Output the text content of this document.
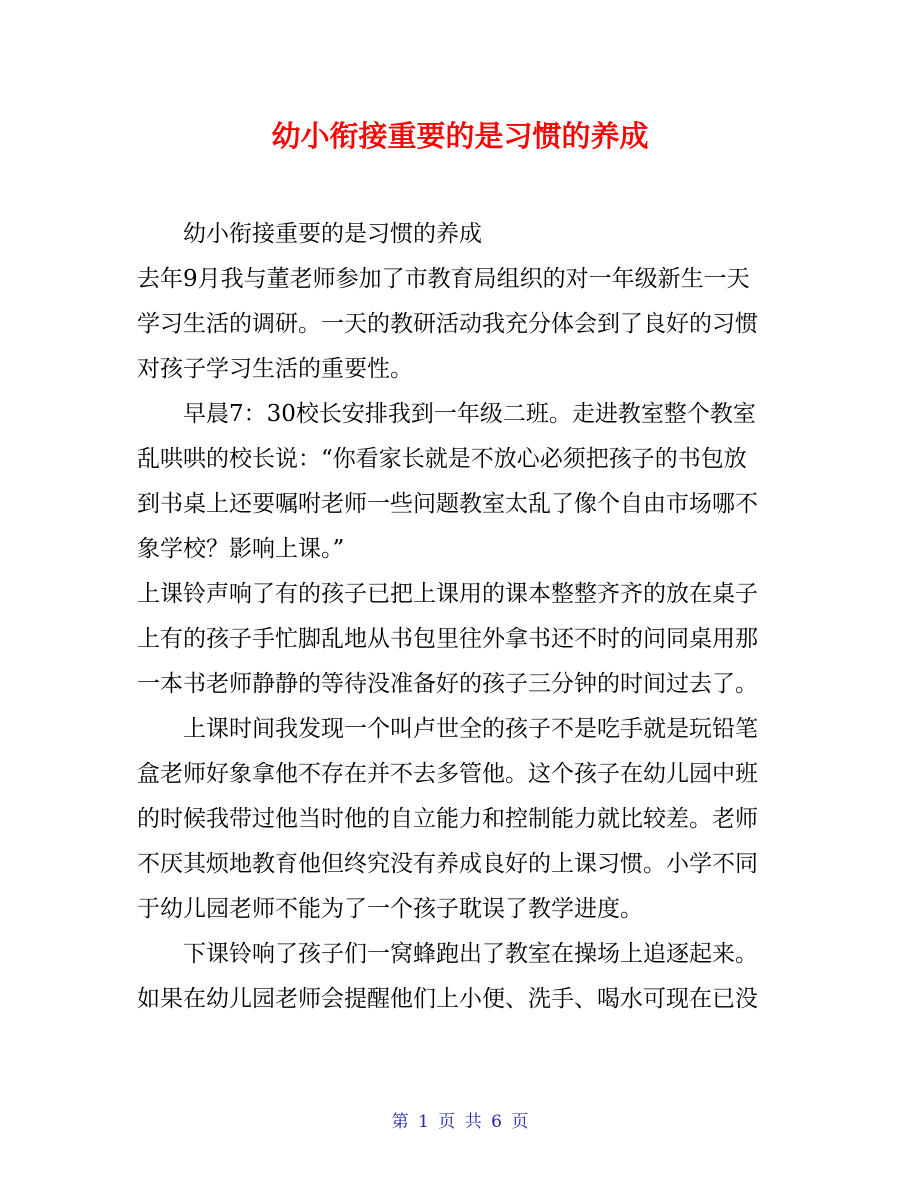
幼小衔接重要的是习惯的养成
幼小衔接重要的是习惯的养成
去年9月我与董老师参加了市教育局组织的对一年级新生一天
学习生活的调研。一天的教研活动我充分体会到了良好的习惯
对孩子学习生活的重要性。
早晨7：30校长安排我到一年级二班。走进教室整个教室
乱哄哄的校长说：“你看家长就是不放心必须把孩子的书包放
到书桌上还要嘱咐老师一些问题教室太乱了像个自由市场哪不
象学校？影响上课。”
上课铃声响了有的孩子已把上课用的课本整整齐齐的放在桌子
上有的孩子手忙脚乱地从书包里往外拿书还不时的问同桌用那
一本书老师静静的等待没准备好的孩子三分钟的时间过去了。
上课时间我发现一个叫卢世全的孩子不是吃手就是玩铅笔
盒老师好象拿他不存在并不去多管他。这个孩子在幼儿园中班
的时候我带过他当时他的自立能力和控制能力就比较差。老师
不厌其烦地教育他但终究没有养成良好的上课习惯。小学不同
于幼儿园老师不能为了一个孩子耽误了教学进度。
下课铃响了孩子们一窝蜂跑出了教室在操场上追逐起来。
如果在幼儿园老师会提醒他们上小便、洗手、喝水可现在已没
第 1 页 共 6 页
